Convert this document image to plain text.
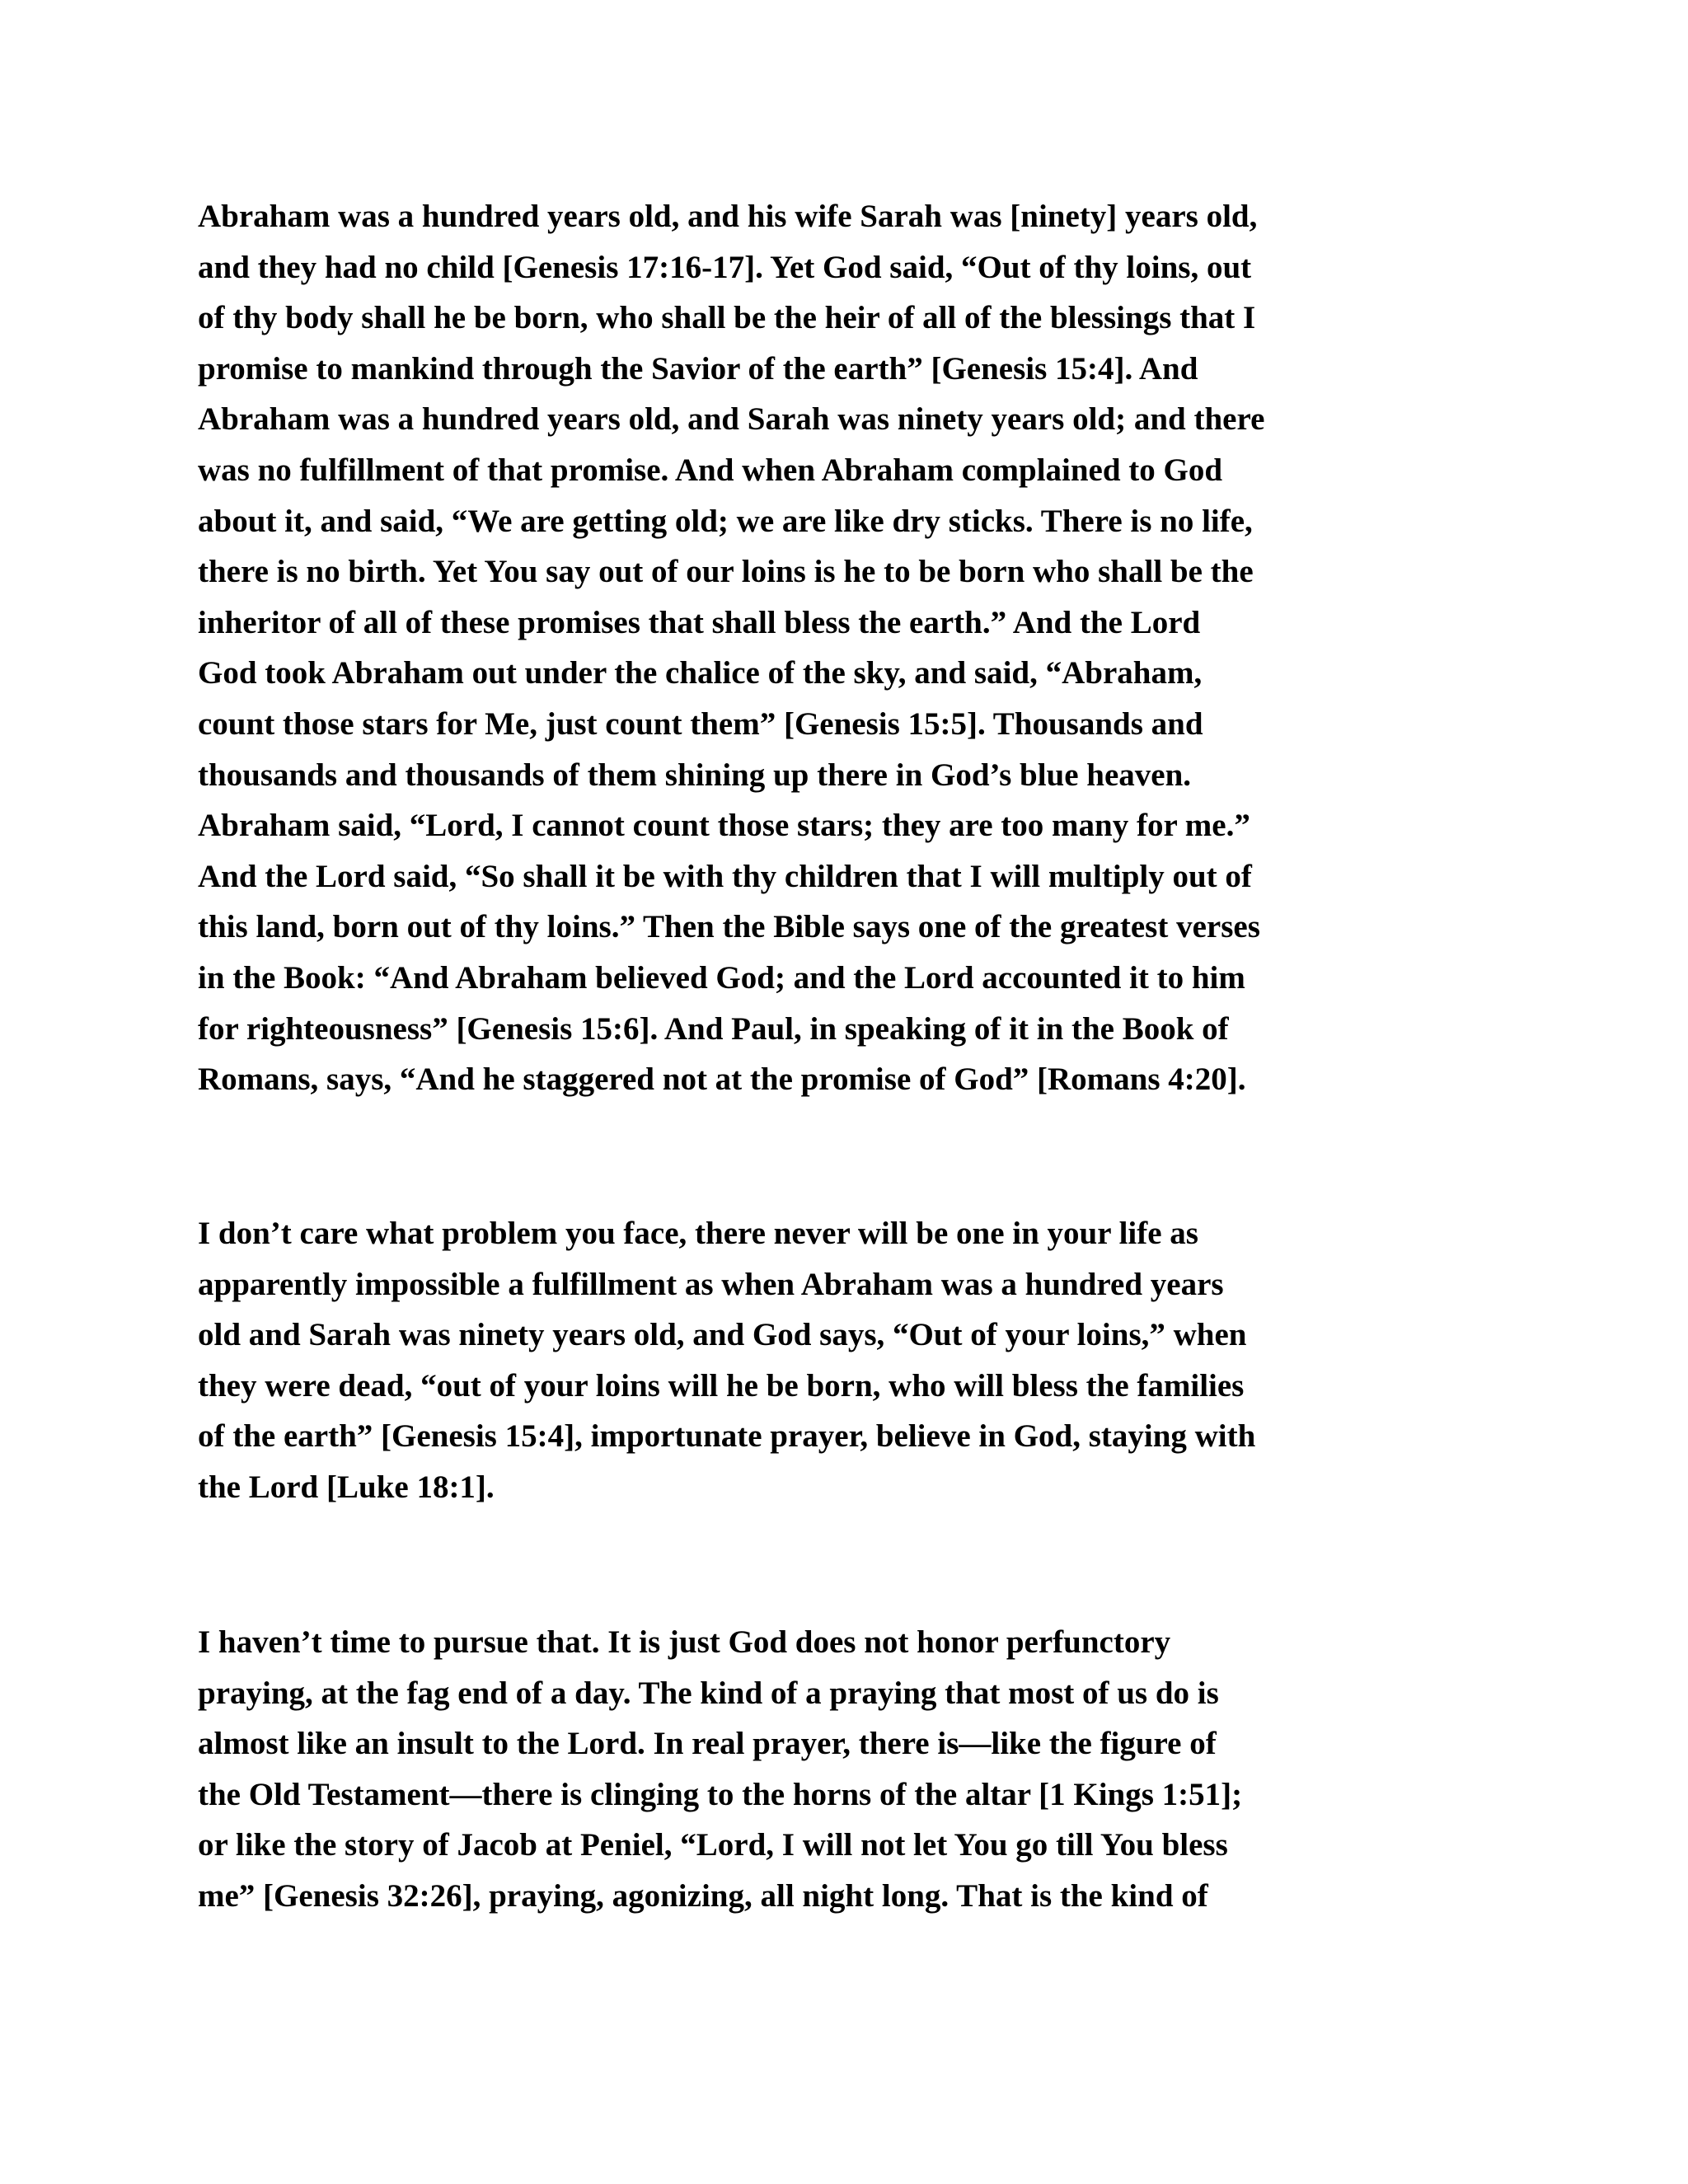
Abraham was a hundred years old, and his wife Sarah was [ninety] years old,
and they had no child [Genesis 17:16-17]. Yet God said, “Out of thy loins, out
of thy body shall he be born, who shall be the heir of all of the blessings that I
promise to mankind through the Savior of the earth” [Genesis 15:4]. And
Abraham was a hundred years old, and Sarah was ninety years old; and there
was no fulfillment of that promise. And when Abraham complained to God
about it, and said, “We are getting old; we are like dry sticks. There is no life,
there is no birth. Yet You say out of our loins is he to be born who shall be the
inheritor of all of these promises that shall bless the earth.” And the Lord
God took Abraham out under the chalice of the sky, and said, “Abraham,
count those stars for Me, just count them” [Genesis 15:5]. Thousands and
thousands and thousands of them shining up there in God’s blue heaven.
Abraham said, “Lord, I cannot count those stars; they are too many for me.”
And the Lord said, “So shall it be with thy children that I will multiply out of
this land, born out of thy loins.” Then the Bible says one of the greatest verses
in the Book: “And Abraham believed God; and the Lord accounted it to him
for righteousness” [Genesis 15:6]. And Paul, in speaking of it in the Book of
Romans, says, “And he staggered not at the promise of God” [Romans 4:20].
I don’t care what problem you face, there never will be one in your life as
apparently impossible a fulfillment as when Abraham was a hundred years
old and Sarah was ninety years old, and God says, “Out of your loins,” when
they were dead, “out of your loins will he be born, who will bless the families
of the earth” [Genesis 15:4], importunate prayer, believe in God, staying with
the Lord [Luke 18:1].
I haven’t time to pursue that. It is just God does not honor perfunctory
praying, at the fag end of a day. The kind of a praying that most of us do is
almost like an insult to the Lord. In real prayer, there is—like the figure of
the Old Testament—there is clinging to the horns of the altar [1 Kings 1:51];
or like the story of Jacob at Peniel, “Lord, I will not let You go till You bless
me” [Genesis 32:26], praying, agonizing, all night long. That is the kind of
